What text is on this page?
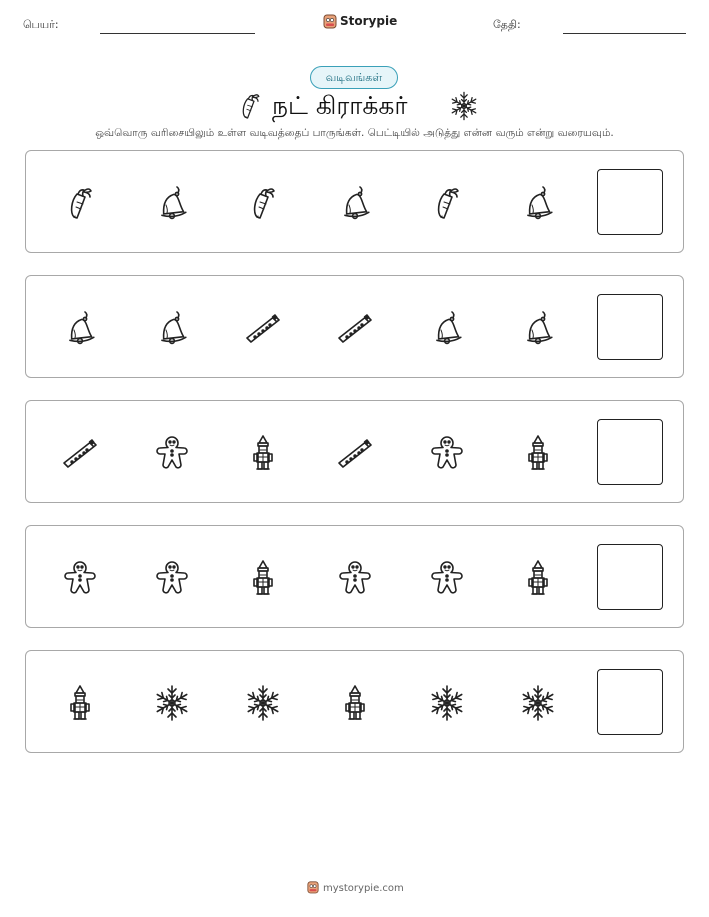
பெயர்:	Storypie	தேதி:
வடிவங்கள்
நட் கிராக்கர்
ஒவ்வொரு வரிசையிலும் உள்ள வடிவத்தைப் பாருங்கள். பெட்டியில் அடுத்து என்ன வரும் என்று வரையவும்.
mystorypie.com
